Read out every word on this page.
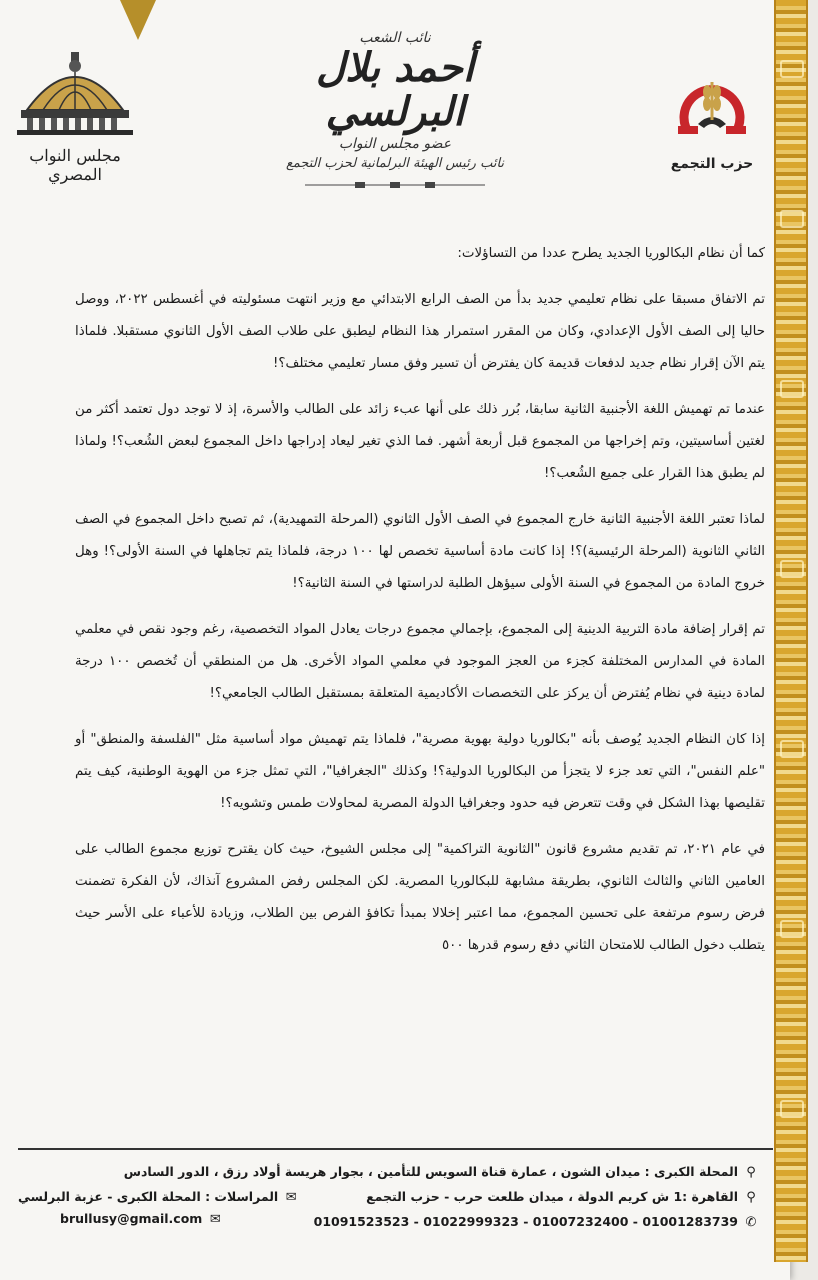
مجلس النواب المصري
نائب الشعب
أحمد بلال البرلسي
عضو مجلس النواب
نائب رئيس الهيئة البرلمانية لحزب التجمع	حزب التجمع

كما أن نظام البكالوريا الجديد يطرح عددا من التساؤلات:

تم الاتفاق مسبقا على نظام تعليمي جديد بدأ من الصف الرابع الابتدائي مع وزير انتهت مسئوليته في أغسطس ٢٠٢٢، ووصل حاليا إلى الصف الأول الإعدادي، وكان من المقرر استمرار هذا النظام ليطبق على طلاب الصف الأول الثانوي مستقبلا. فلماذا يتم الآن إقرار نظام جديد لدفعات قديمة كان يفترض أن تسير وفق مسار تعليمي مختلف؟!

عندما تم تهميش اللغة الأجنبية الثانية سابقا، بُرر ذلك على أنها عبء زائد على الطالب والأسرة، إذ لا توجد دول تعتمد أكثر من لغتين أساسيتين، وتم إخراجها من المجموع قبل أربعة أشهر. فما الذي تغير ليعاد إدراجها داخل المجموع لبعض الشُعب؟! ولماذا لم يطبق هذا القرار على جميع الشُعب؟!

لماذا تعتبر اللغة الأجنبية الثانية خارج المجموع في الصف الأول الثانوي (المرحلة التمهيدية)، ثم تصبح داخل المجموع في الصف الثاني الثانوية (المرحلة الرئيسية)؟! إذا كانت مادة أساسية تخصص لها ١٠٠ درجة، فلماذا يتم تجاهلها في السنة الأولى؟! وهل خروج المادة من المجموع في السنة الأولى سيؤهل الطلبة لدراستها في السنة الثانية؟!

تم إقرار إضافة مادة التربية الدينية إلى المجموع، بإجمالي مجموع درجات يعادل المواد التخصصية، رغم وجود نقص في معلمي المادة في المدارس المختلفة كجزء من العجز الموجود في معلمي المواد الأخرى. هل من المنطقي أن تُخصص ١٠٠ درجة لمادة دينية في نظام يُفترض أن يركز على التخصصات الأكاديمية المتعلقة بمستقبل الطالب الجامعي؟!

إذا كان النظام الجديد يُوصف بأنه "بكالوريا دولية بهوية مصرية"، فلماذا يتم تهميش مواد أساسية مثل "الفلسفة والمنطق" أو "علم النفس"، التي تعد جزء لا يتجزأ من البكالوريا الدولية؟! وكذلك "الجغرافيا"، التي تمثل جزء من الهوية الوطنية، كيف يتم تقليصها بهذا الشكل في وقت تتعرض فيه حدود وجغرافيا الدولة المصرية لمحاولات طمس وتشويه؟!

في عام ٢٠٢١، تم تقديم مشروع قانون "الثانوية التراكمية" إلى مجلس الشيوخ، حيث كان يقترح توزيع مجموع الطالب على العامين الثاني والثالث الثانوي، بطريقة مشابهة للبكالوريا المصرية. لكن المجلس رفض المشروع آنذاك، لأن الفكرة تضمنت فرض رسوم مرتفعة على تحسين المجموع، مما اعتبر إخلالا بمبدأ تكافؤ الفرص بين الطلاب، وزيادة للأعباء على الأسر حيث يتطلب دخول الطالب للامتحان الثاني دفع رسوم قدرها ٥٠٠

⚲المحلة الكبرى : ميدان الشون ، عمارة قناة السويس للتأمين ، بجوار هريسة أولاد رزق ، الدور السادس
⚲القاهرة :1 ش كريم الدولة ، ميدان طلعت حرب - حزب التجمع
✉المراسلات : المحلة الكبرى - عزبة البرلسي
01091523523 - 01022999323 - 01007232400 - 01001283739 ✆
brullusy@gmail.com ✉
